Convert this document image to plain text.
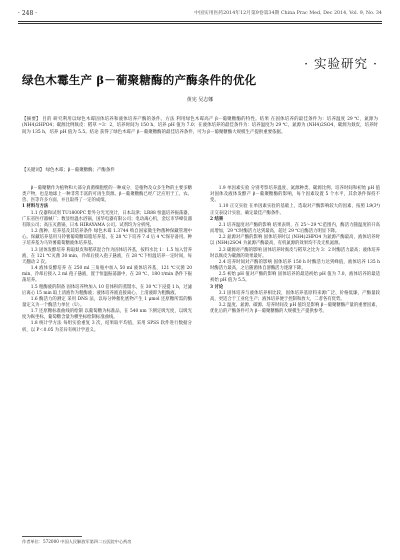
· 248 ·	中国实用医药2014年12月第9卷第34期 China Prac Med, Dec 2014, Vol. 9, No. 34
· 实验研究 ·
绿色木霉生产 β－葡聚糖酶的产酶条件的优化
黄宪 吴志娜
【摘要】 目的 研究利用以绿色木霉固体培养和液体培养产酶的条件。方法 利用绿色木霉高产 β－葡聚糖酶的特性。结果 在固体培养的最佳条件为：培养温度 29 ℃，氮源为 (NH4)2HPO4；碳源比例麸皮：稻草 =3：2，培养时间为 150 h，培养 pH 值为 7.0；在液体培养的最佳条件为：培养温度为 29 ℃，氮源为 (NH4)2SO4，碳源为麸皮，培养时间为 135 h，培养 pH 值为 5.5。结论 获得了绿色木霉产 β－葡聚糖酶的最佳培养条件，可为 β－葡聚糖酶大规模生产提供重要依据。
【关键词】 绿色木霉；β－葡聚糖酶；产酶条件

β－葡聚糖作为植物和大部分真菌细胞壁的一种成分，是植物及众多生物的主要多糖类产物，也是地球上一种非常丰富的可再生资源。β－葡聚糖酶已经广泛应用于工、农、兽、医等许多方面，并且取得了一定的成绩。

1 材料与方法

1.1 仪器和试剂 TU1800PC 紫外分光光度计，日本岛津；LR88 恒温培养振荡器，广东省医疗器械厂；数显恒温水浴锅，国华电器有限公司；电动离心机，金坛市华峰仪器有限公司；高压灭菌锅，日本 HIRAYAMA 公司。试剂均为分析纯。

1.2 菌种、培养基及其培养条件 绿色木霉 1.3744 购自国家微生物菌种保藏管理中心。保藏培养基用马铃薯葡萄糖琼脂培养基，在 28 ℃下培养 7 d 后 4 ℃保存备用。种子培养基为马铃薯葡萄糖液体培养基。

1.3 固体发酵培养 称取麸皮和稻草混合作为固体培养基，按料水比 1：1.5 加入营养液，在 121 ℃灭菌 30 min，冷却后接入孢子悬液，在 28 ℃下恒温培养一定时间，每天翻动 2 次。

1.4 液体发酵培养 在 250 ml 三角瓶中加入 50 ml 液体培养基，121 ℃灭菌 20 min，冷却后接入 2 ml 孢子悬液，置于恒温振荡器中，在 28 ℃、180 r/min 条件下振荡培养。

1.5 粗酶液的制备 固体培养物加入 10 倍体积的蒸馏水，在 30 ℃下浸提 1 h，过滤后离心 15 min 取上清液作为粗酶液；液体培养液直接离心，上清液即为粗酶液。

1.6 酶活力的测定 采用 DNS 法，以每分钟催化底物产生 1 μmol 还原糖所需的酶量定义为一个酶活力单位（U）。

1.7 还原糖标准曲线的绘制 以葡萄糖为标准品，在 540 nm 下测定吸光度，以吸光度为纵坐标，葡萄糖含量为横坐标绘制标准曲线。

1.8 统计学方法 每组实验重复 3 次，结果取平均值，采用 SPSS 软件进行数据分析，以 P＜0.05 为差异有统计学意义。

1.9 单因素实验 分别考察培养温度、氮源种类、碳源比例、培养时间和初始 pH 值对固体及液体发酵产 β－葡聚糖酶的影响，每个因素设置 5 个水平，其余条件保持不变。

1.10 正交实验 在单因素实验的基础上，选取对产酶影响较大的因素，按照 L9(3⁴) 正交表设计实验，确定最佳产酶条件。

2 结果

2.1 培养温度对产酶的影响 结果表明，在 25～29 ℃范围内，酶活力随温度的升高而增加，29 ℃时酶活力达到最高，超过 29 ℃后酶活力明显下降。

2.2 氮源对产酶的影响 固体培养时以 (NH4)2HPO4 为氮源产酶最高，液体培养时以 (NH4)2SO4 为氮源产酶最高，有机氮源的效果均不及无机氮源。

2.3 碳源对产酶的影响 固体培养时麸皮与稻草之比为 3：2 时酶活力最高；液体培养时以麸皮为碳源的效果最好。

2.4 培养时间对产酶的影响 固体培养 150 h 时酶活力达到峰值，液体培养 135 h 时酶活力最高，之后随菌体自溶酶活力逐渐下降。

2.5 初始 pH 值对产酶的影响 固体培养的最适初始 pH 值为 7.0，液体培养的最适初始 pH 值为 5.5。

3 讨论

3.1 固体培养与液体培养相比较，固体培养基原料来源广泛、价格低廉，产酶量较高，更适合于工业化生产；液体培养便于控制和放大，二者各有优势。

3.2 温度、氮源、碳源、培养时间及 pH 值均是影响 β－葡聚糖酶产量的重要因素，优化后的产酶条件可为 β－葡聚糖酶的大规模生产提供参考。

作者单位：572000 中国人民解放军第四二五医院中心药房
